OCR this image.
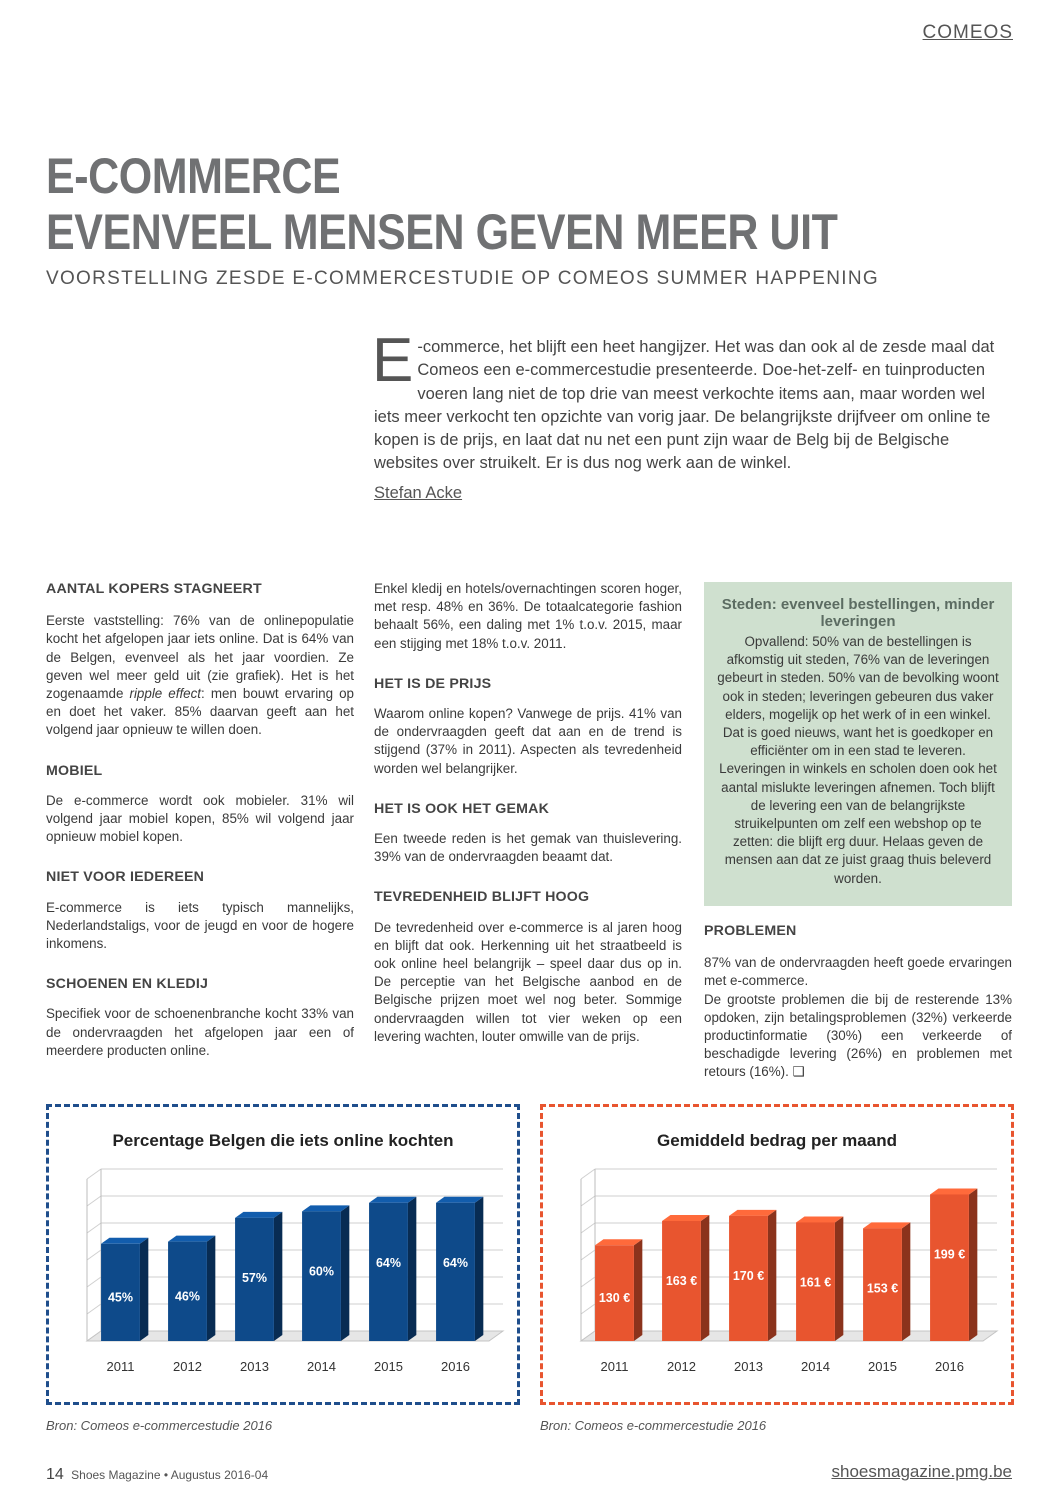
COMEOS
E-COMMERCE
EVENVEEL MENSEN GEVEN MEER UIT
VOORSTELLING ZESDE E-COMMERCESTUDIE OP COMEOS SUMMER HAPPENING
E -commerce, het blijft een heet hangijzer. Het was dan ook al de zesde maal dat Comeos een e-commercestudie presenteerde. Doe-het-zelf- en tuinproducten voeren lang niet de top drie van meest verkochte items aan, maar worden wel iets meer verkocht ten opzichte van vorig jaar. De belangrijkste drijfveer om online te kopen is de prijs, en laat dat nu net een punt zijn waar de Belg bij de Belgische websites over struikelt. Er is dus nog werk aan de winkel.
Stefan Acke
AANTAL KOPERS STAGNEERT

Eerste vaststelling: 76% van de onlinepopulatie kocht het afgelopen jaar iets online. Dat is 64% van de Belgen, evenveel als het jaar voordien. Ze geven wel meer geld uit (zie grafiek). Het is het zogenaamde ripple effect: men bouwt ervaring op en doet het vaker. 85% daarvan geeft aan het volgend jaar opnieuw te willen doen.

MOBIEL

De e-commerce wordt ook mobieler. 31% wil volgend jaar mobiel kopen, 85% wil volgend jaar opnieuw mobiel kopen.

NIET VOOR IEDEREEN

E-commerce is iets typisch mannelijks, Nederlandstaligs, voor de jeugd en voor de hogere inkomens.

SCHOENEN EN KLEDIJ

Specifiek voor de schoenenbranche kocht 33% van de ondervraagden het afgelopen jaar een of meerdere producten online.

Enkel kledij en hotels/overnachtingen scoren hoger, met resp. 48% en 36%. De totaalcategorie fashion behaalt 56%, een daling met 1% t.o.v. 2015, maar een stijging met 18% t.o.v. 2011.

HET IS DE PRIJS

Waarom online kopen? Vanwege de prijs. 41% van de ondervraagden geeft dat aan en de trend is stijgend (37% in 2011). Aspecten als tevredenheid worden wel belangrijker.

HET IS OOK HET GEMAK

Een tweede reden is het gemak van thuislevering. 39% van de ondervraagden beaamt dat.

TEVREDENHEID BLIJFT HOOG

De tevredenheid over e-commerce is al jaren hoog en blijft dat ook. Herkenning uit het straatbeeld is ook online heel belangrijk – speel daar dus op in. De perceptie van het Belgische aanbod en de Belgische prijzen moet wel nog beter. Sommige ondervraagden willen tot vier weken op een levering wachten, louter omwille van de prijs.

Steden: evenveel bestellingen, minder leveringen

Opvallend: 50% van de bestellingen is afkomstig uit steden, 76% van de leveringen gebeurt in steden. 50% van de bevolking woont ook in steden; leveringen gebeuren dus vaker elders, mogelijk op het werk of in een winkel. Dat is goed nieuws, want het is goedkoper en efficiënter om in een stad te leveren. Leveringen in winkels en scholen doen ook het aantal mislukte leveringen afnemen. Toch blijft de levering een van de belangrijkste struikelpunten om zelf een webshop op te zetten: die blijft erg duur. Helaas geven de mensen aan dat ze juist graag thuis beleverd worden.

PROBLEMEN

87% van de ondervraagden heeft goede ervaringen met e-commerce.

De grootste problemen die bij de resterende 13% opdoken, zijn betalingsproblemen (32%) verkeerde productinformatie (30%) een verkeerde of beschadigde levering (26%) en problemen met retours (16%). ❑

Percentage Belgen die iets online kochten
45%
2011
46%
2012
57%
2013
60%
2014
64%
2015
64%
2016
Bron: Comeos e-commercestudie 2016
Gemiddeld bedrag per maand
130 €
2011
163 €
2012
170 €
2013
161 €
2014
153 €
2015
199 €
2016
Bron: Comeos e-commercestudie 2016
14 Shoes Magazine • Augustus 2016-04	shoesmagazine.pmg.be
